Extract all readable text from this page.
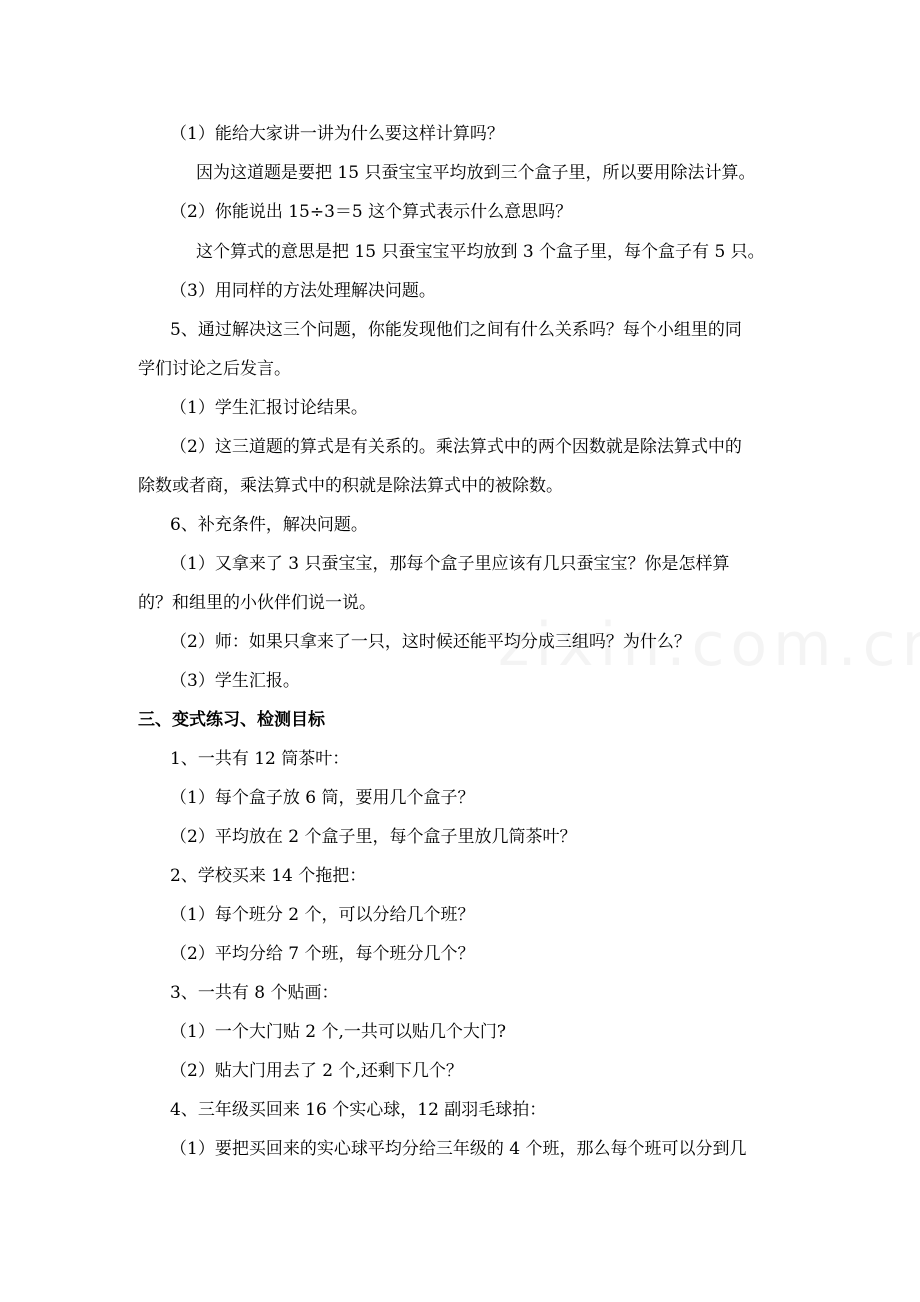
（1）能给大家讲一讲为什么要这样计算吗？
因为这道题是要把 15 只蚕宝宝平均放到三个盒子里，所以要用除法计算。
（2）你能说出 15÷3＝5 这个算式表示什么意思吗？
这个算式的意思是把 15 只蚕宝宝平均放到 3 个盒子里，每个盒子有 5 只。
（3）用同样的方法处理解决问题。
5、通过解决这三个问题，你能发现他们之间有什么关系吗？每个小组里的同
学们讨论之后发言。
（1）学生汇报讨论结果。
（2）这三道题的算式是有关系的。乘法算式中的两个因数就是除法算式中的
除数或者商，乘法算式中的积就是除法算式中的被除数。
6、补充条件，解决问题。
（1）又拿来了 3 只蚕宝宝，那每个盒子里应该有几只蚕宝宝？你是怎样算
的？和组里的小伙伴们说一说。
（2）师：如果只拿来了一只，这时候还能平均分成三组吗？为什么？
（3）学生汇报。
三、变式练习、检测目标
1、一共有 12 筒茶叶：
（1）每个盒子放 6 筒，要用几个盒子？
（2）平均放在 2 个盒子里，每个盒子里放几筒茶叶？
2、学校买来 14 个拖把：
（1）每个班分 2 个，可以分给几个班？
（2）平均分给 7 个班，每个班分几个？
3、一共有 8 个贴画：
（1）一个大门贴 2 个,一共可以贴几个大门?
（2）贴大门用去了 2 个,还剩下几个？
4、三年级买回来 16 个实心球，12 副羽毛球拍：
（1）要把买回来的实心球平均分给三年级的 4 个班，那么每个班可以分到几
